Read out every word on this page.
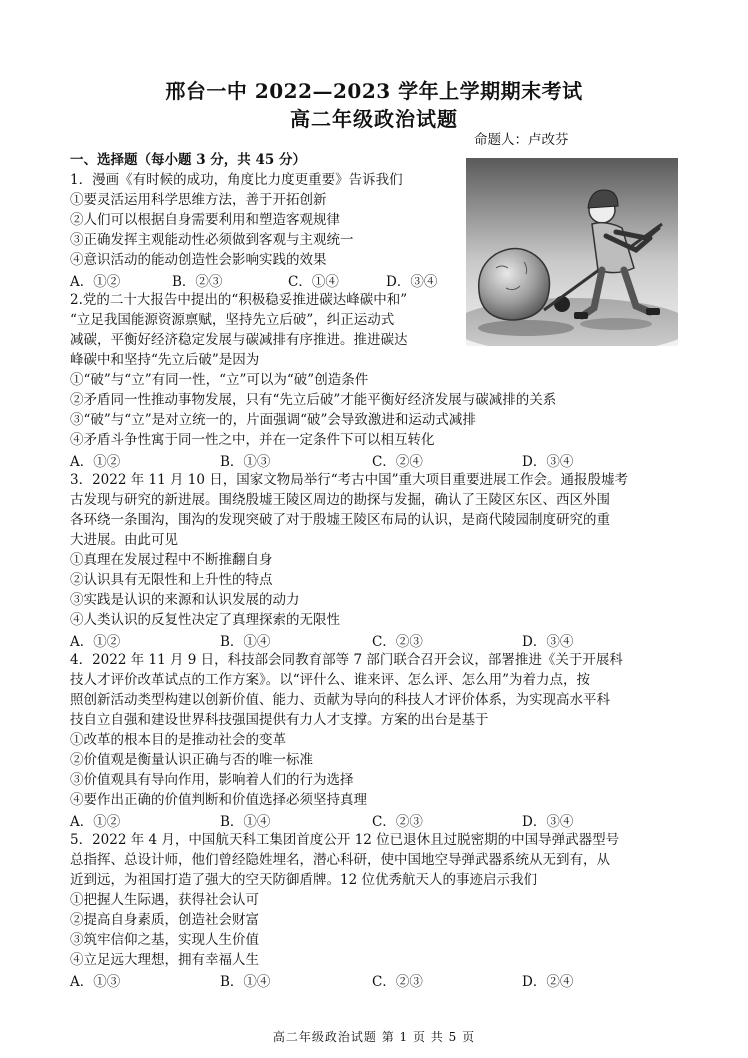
邢台一中 2022—2023 学年上学期期末考试
高二年级政治试题
命题人：卢改芬
一、选择题（每小题 3 分，共 45 分）
1．漫画《有时候的成功，角度比力度更重要》告诉我们
①要灵活运用科学思维方法，善于开拓创新
②人们可以根据自身需要利用和塑造客观规律
③正确发挥主观能动性必须做到客观与主观统一
④意识活动的能动创造性会影响实践的效果
A．①②	B．②③	C．①④	D．③④
2.党的二十大报告中提出的“积极稳妥推进碳达峰碳中和”
“立足我国能源资源禀赋，坚持先立后破”，纠正运动式
减碳，平衡好经济稳定发展与碳减排有序推进。推进碳达
峰碳中和坚持“先立后破”是因为
①“破”与“立”有同一性，“立”可以为“破”创造条件
②矛盾同一性推动事物发展，只有“先立后破”才能平衡好经济发展与碳减排的关系
③“破”与“立”是对立统一的，片面强调“破”会导致激进和运动式减排
④矛盾斗争性寓于同一性之中，并在一定条件下可以相互转化
A．①②	B．①③	C．②④	D．③④
3．2022 年 11 月 10 日，国家文物局举行“考古中国”重大项目重要进展工作会。通报殷墟考
古发现与研究的新进展。围绕殷墟王陵区周边的勘探与发掘，确认了王陵区东区、西区外围
各环绕一条围沟，围沟的发现突破了对于殷墟王陵区布局的认识，是商代陵园制度研究的重
大进展。由此可见
①真理在发展过程中不断推翻自身
②认识具有无限性和上升性的特点
③实践是认识的来源和认识发展的动力
④人类认识的反复性决定了真理探索的无限性
A．①②	B．①④	C．②③	D．③④
4．2022 年 11 月 9 日，科技部会同教育部等 7 部门联合召开会议，部署推进《关于开展科
技人才评价改革试点的工作方案》。以“评什么、谁来评、怎么评、怎么用”为着力点，按
照创新活动类型构建以创新价值、能力、贡献为导向的科技人才评价体系，为实现高水平科
技自立自强和建设世界科技强国提供有力人才支撑。方案的出台是基于
①改革的根本目的是推动社会的变革
②价值观是衡量认识正确与否的唯一标准
③价值观具有导向作用，影响着人们的行为选择
④要作出正确的价值判断和价值选择必须坚持真理
A．①②	B．①④	C．②③	D．③④
5．2022 年 4 月，中国航天科工集团首度公开 12 位已退休且过脱密期的中国导弹武器型号
总指挥、总设计师，他们曾经隐姓埋名，潜心科研，使中国地空导弹武器系统从无到有，从
近到远，为祖国打造了强大的空天防御盾牌。12 位优秀航天人的事迹启示我们
①把握人生际遇，获得社会认可
②提高自身素质，创造社会财富
③筑牢信仰之基，实现人生价值
④立足远大理想，拥有幸福人生
A．①③	B．①④	C．②③	D．②④
高二年级政治试题 第 1 页 共 5 页
